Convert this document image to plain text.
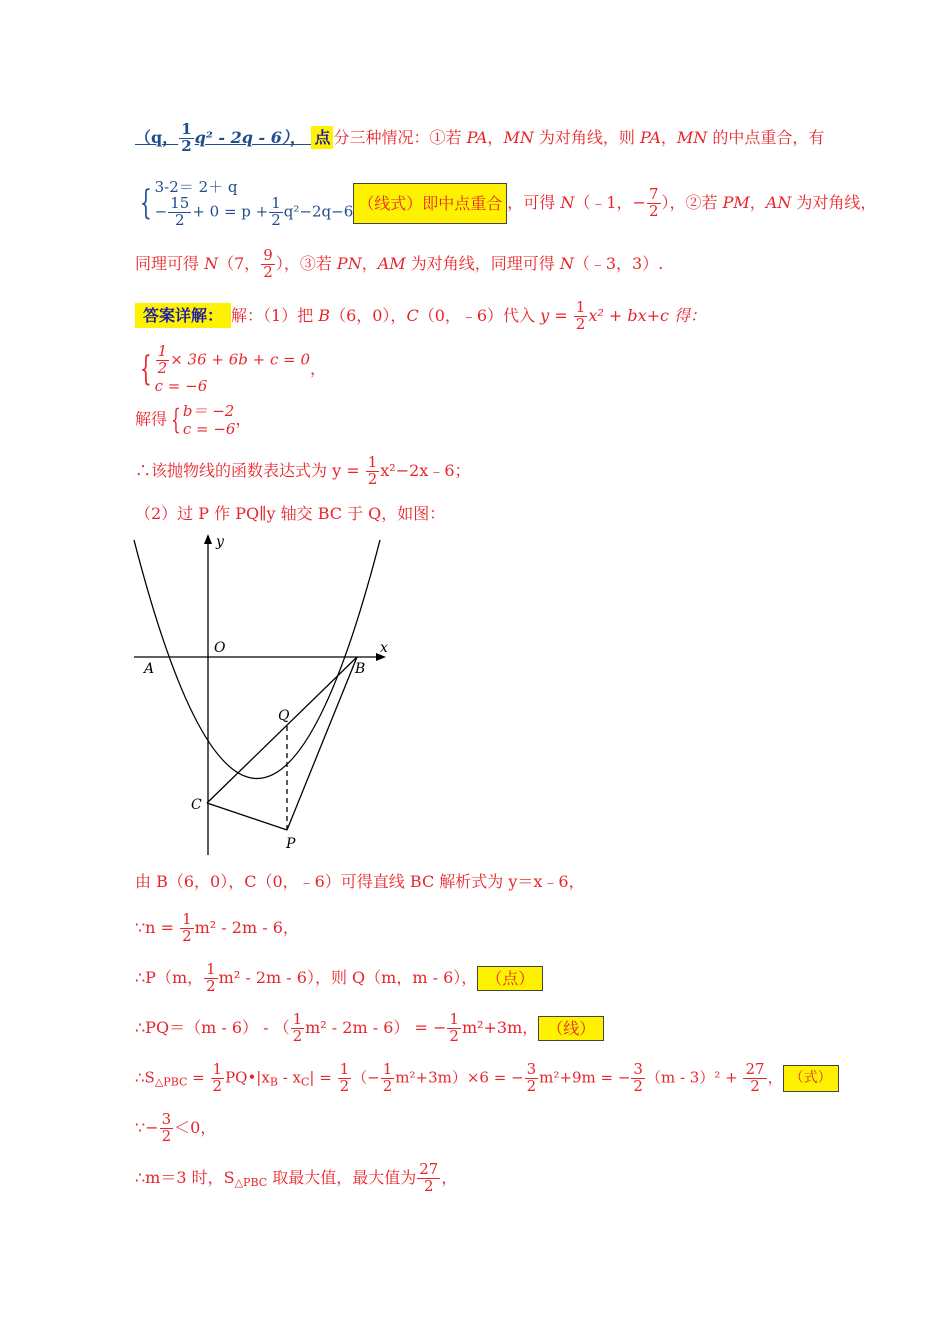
（q， $\frac{1}{2} q^2 - 2q - 6$）， 点 分三种情况：①若 PA，MN 为对角线，则 PA，MN 的中点重合，有
{ 3-2＝ 2＋ q
− $\frac{15}{2} + 0 = p + \frac{1}{2} q^2-2q-6$ （线式）即中点重合 ，可得 N（﹣1，− $\frac{7}{2}$ ），②若 PM，AN 为对角线，
同理可得 N（7， $\frac{9}{2}$ ），③若 PN，AM 为对角线，同理可得 N（﹣3，3）.
答案详解： 解：（1）把 B（6，0），C（0，﹣6）代入 $y = \frac{1}{2} x^2 + bx+c$ 得：
{ $\frac{1}{2} \times 36 + 6b + c = 0$
c = −6
，
解得 { b＝ −2
c = −6
，
∴该抛物线的函数表达式为 $y = \frac{1}{2}$ x²−2x﹣6；
（2）过 P 作 PQ∥y 轴交 BC 于 Q，如图：
y
x
O
A	B
C
Q
P
由 B（6，0），C（0，﹣6）可得直线 BC 解析式为 y＝x﹣6，
∵n = $\frac{1}{2} m^2 - 2m - 6$，
∴P（m， $\frac{1}{2} m^2 - 2m - 6$），则 Q（m，m - 6）， （点）
∴PQ＝（m - 6） - （ $\frac{1}{2} m^2 - 2m - 6$） = − $\frac{1}{2} m^2+3m$， （线）
$\therefore S_{\triangle PBC} = \frac{1}{2}$ $PQ•|x_B - x_C| = \frac{1}{2}$ （− $\frac{1}{2} m^2+3m)\times 6$ = − $\frac{3}{2} m^2+9m$ = − $\frac{3}{2} (m - 3)^2 + \frac{27}{2}$ ， （式）
∵− $\frac{3}{2} <0$，
∴m＝3 时，$S_{\triangle PBC}$ 取最大值，最大值为 $\frac{27}{2}$ ，
